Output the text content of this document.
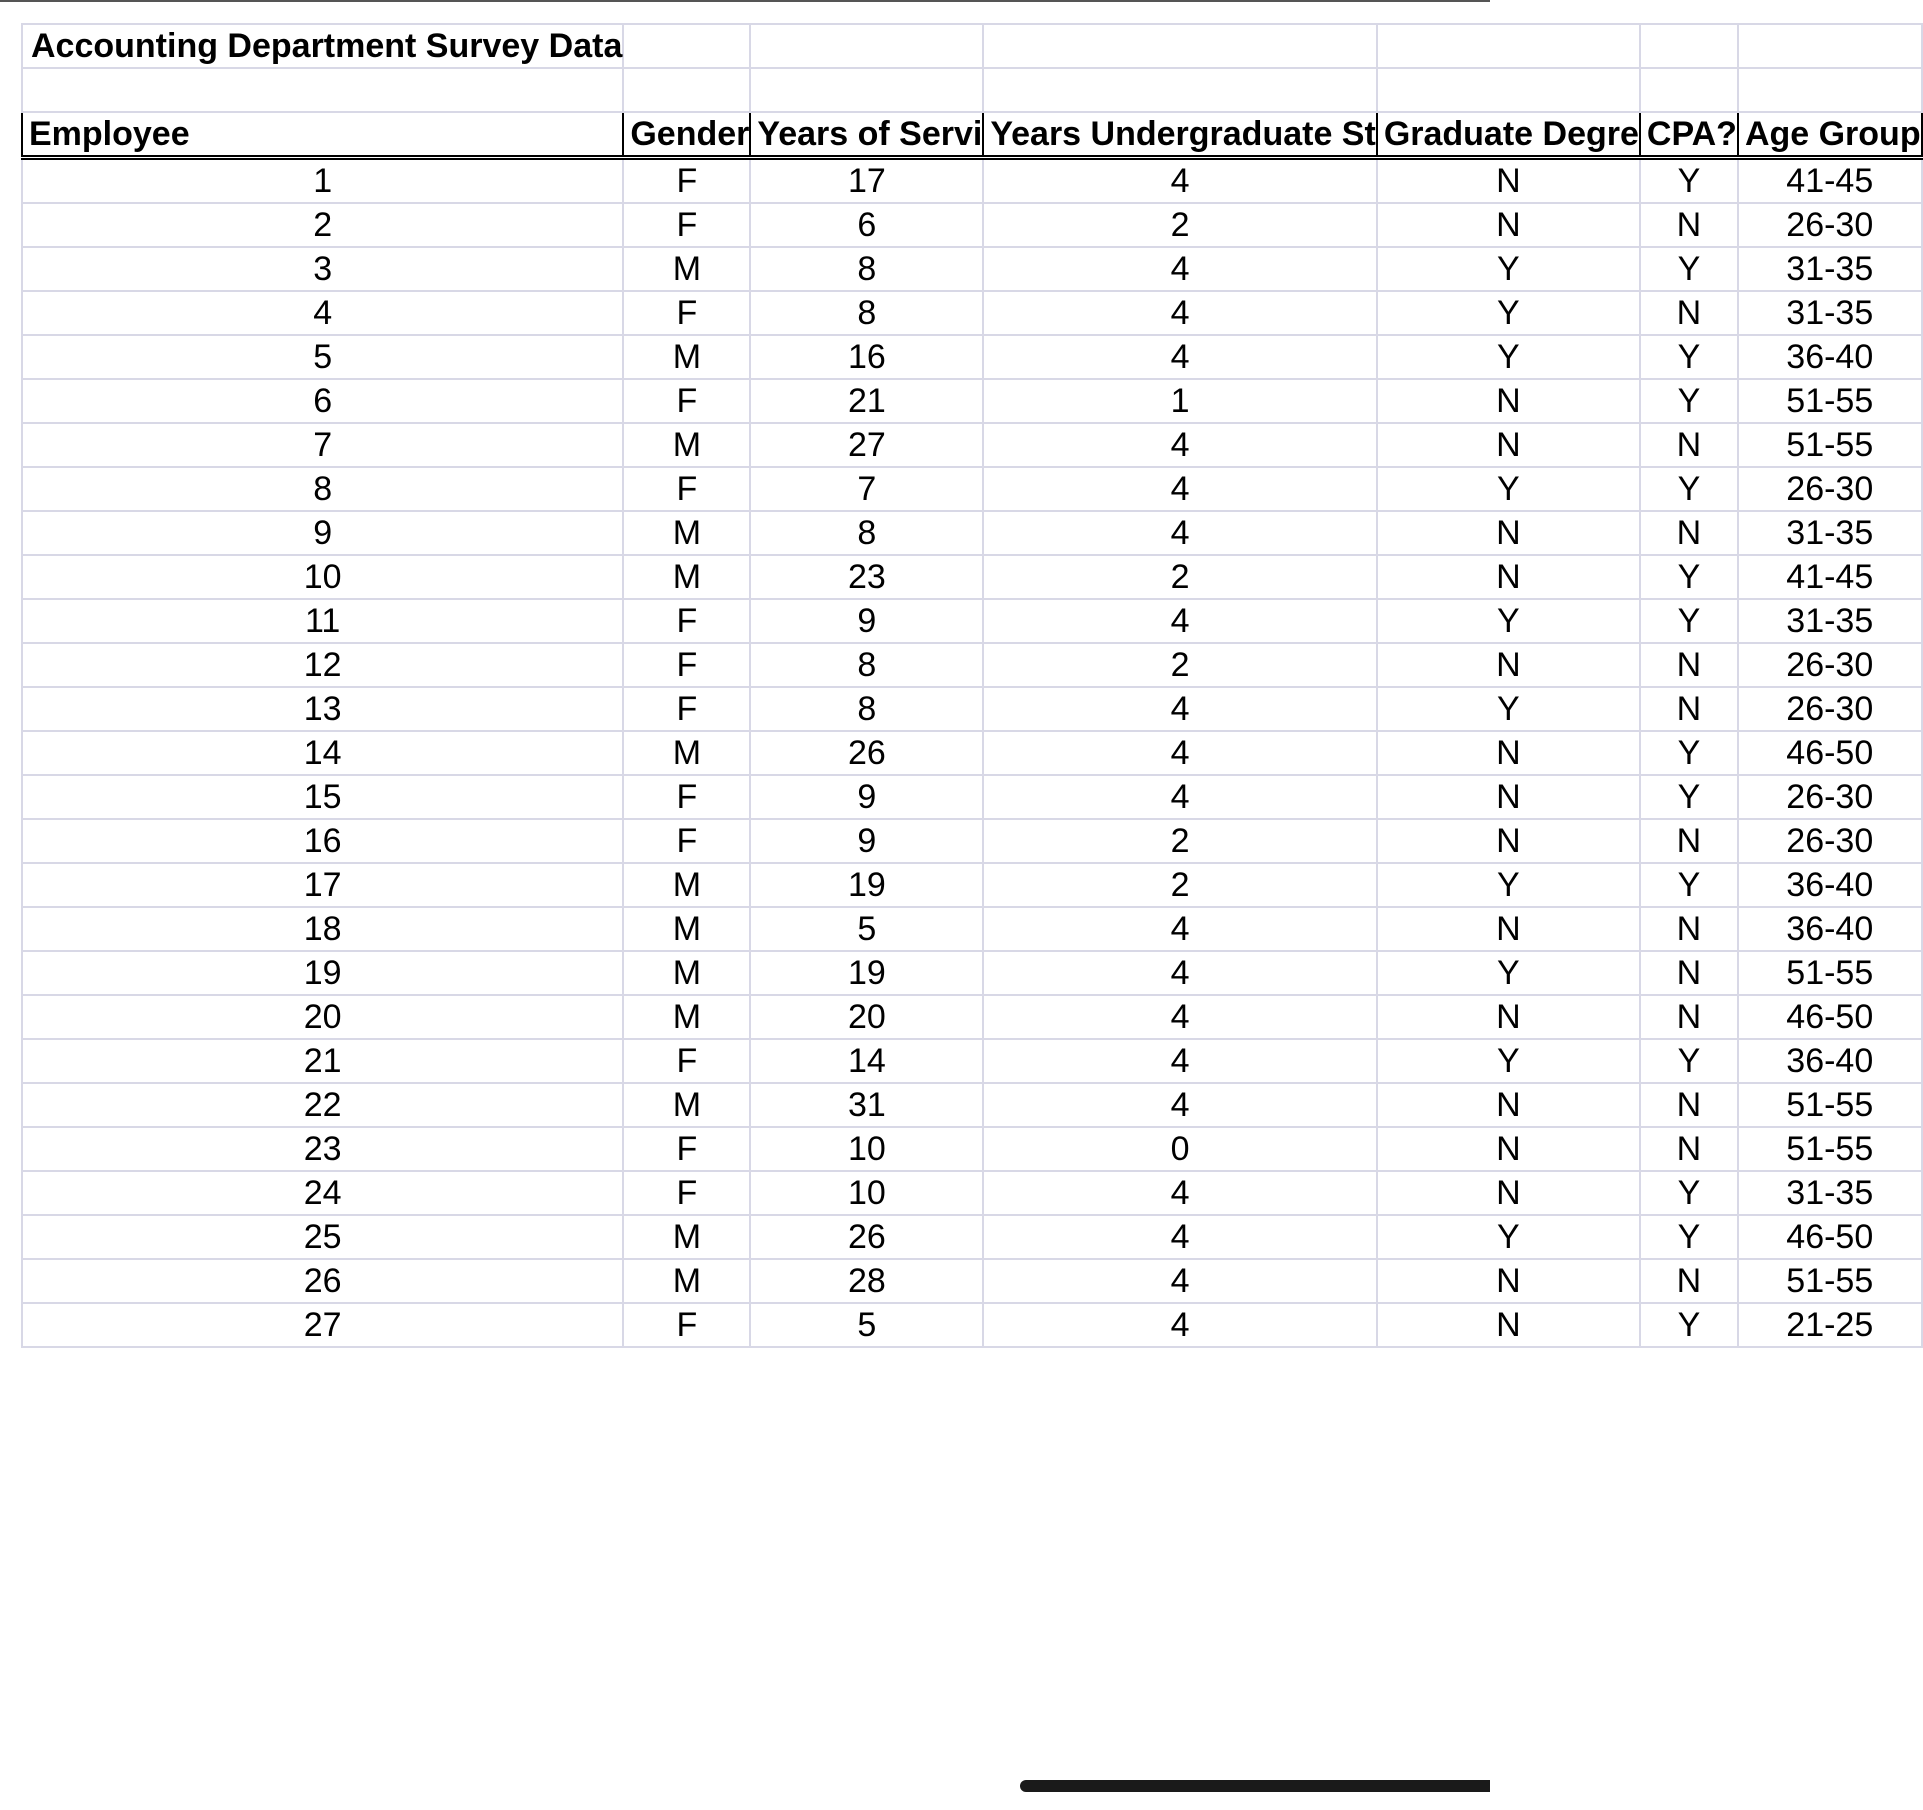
Accounting Department Survey Data						

Employee	Gender	Years of Servi	Years Undergraduate St	Graduate Degre	CPA?	Age Group
1	F	17	4	N	Y	41-45
2	F	6	2	N	N	26-30
3	M	8	4	Y	Y	31-35
4	F	8	4	Y	N	31-35
5	M	16	4	Y	Y	36-40
6	F	21	1	N	Y	51-55
7	M	27	4	N	N	51-55
8	F	7	4	Y	Y	26-30
9	M	8	4	N	N	31-35
10	M	23	2	N	Y	41-45
11	F	9	4	Y	Y	31-35
12	F	8	2	N	N	26-30
13	F	8	4	Y	N	26-30
14	M	26	4	N	Y	46-50
15	F	9	4	N	Y	26-30
16	F	9	2	N	N	26-30
17	M	19	2	Y	Y	36-40
18	M	5	4	N	N	36-40
19	M	19	4	Y	N	51-55
20	M	20	4	N	N	46-50
21	F	14	4	Y	Y	36-40
22	M	31	4	N	N	51-55
23	F	10	0	N	N	51-55
24	F	10	4	N	Y	31-35
25	M	26	4	Y	Y	46-50
26	M	28	4	N	N	51-55
27	F	5	4	N	Y	21-25
